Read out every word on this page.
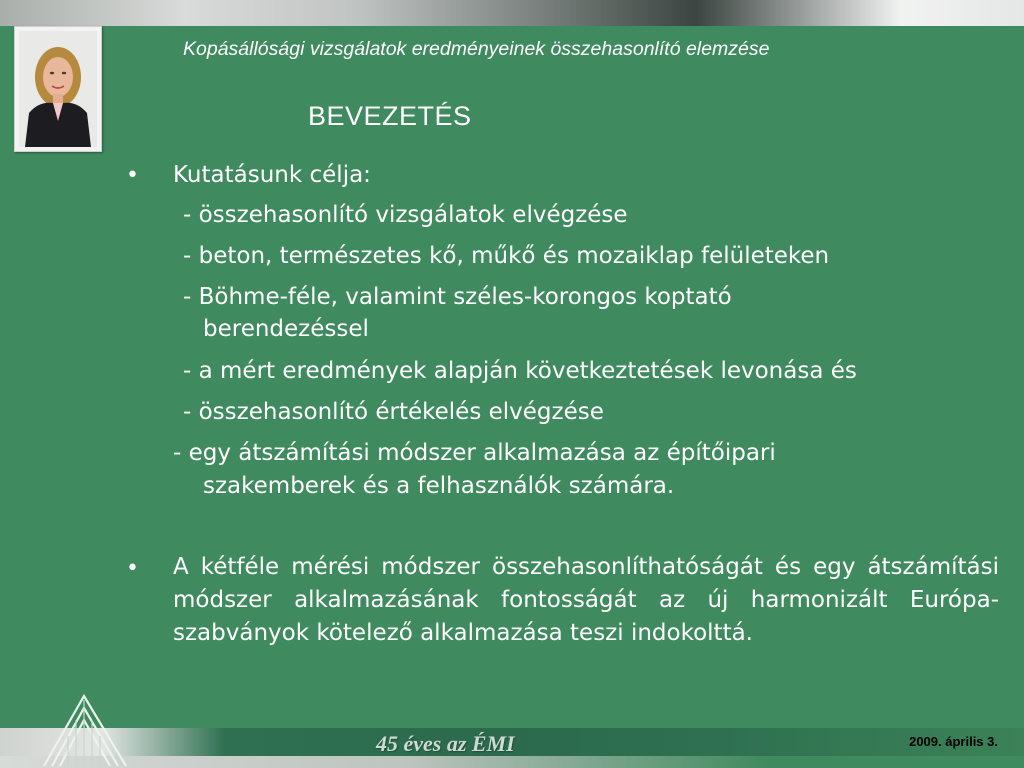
Kopásállósági vizsgálatok eredményeinek összehasonlító elemzése
BEVEZETÉS
• Kutatásunk célja:
- összehasonlító vizsgálatok elvégzése
- beton, természetes kő, műkő és mozaiklap felületeken
- Böhme-féle, valamint széles-korongos koptató
berendezéssel
- a mért eredmények alapján következtetések levonása és
- összehasonlító értékelés elvégzése
- egy átszámítási módszer alkalmazása az építőipari
szakemberek és a felhasználók számára.
• A kétféle mérési módszer összehasonlíthatóságát és egy átszámítási módszer alkalmazásának fontosságát az új harmonizált Európa-szabványok kötelező alkalmazása teszi indokolttá.
45 éves az ÉMI	2009. április 3.
